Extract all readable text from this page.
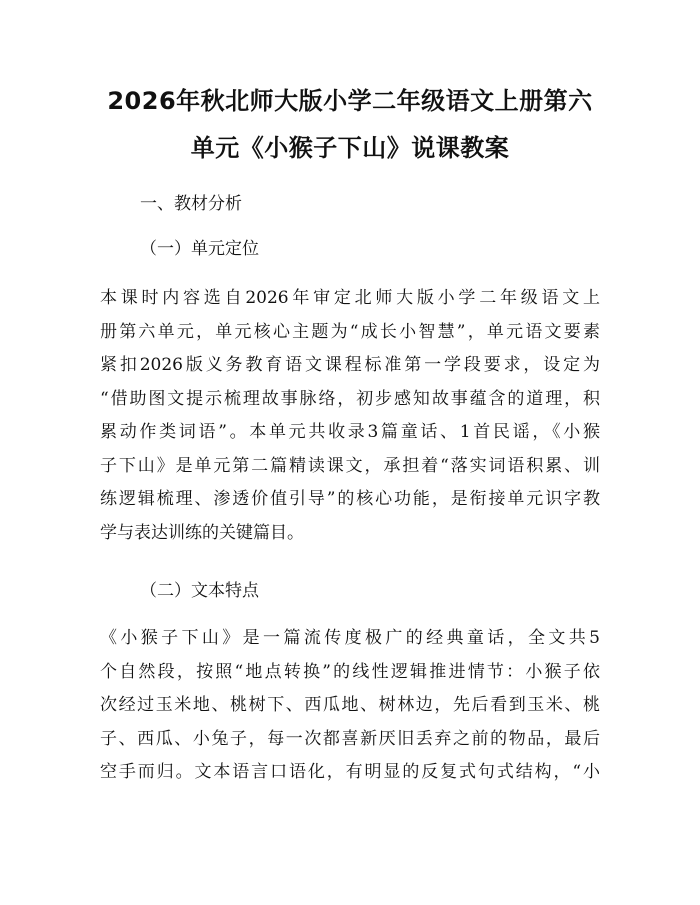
2026年秋北师大版小学二年级语文上册第六
单元《小猴子下山》说课教案

一、教材分析

（一）单元定位

本课时内容选自2026年审定北师大版小学二年级语文上
册第六单元，单元核心主题为“成长小智慧”，单元语文要素
紧扣2026版义务教育语文课程标准第一学段要求，设定为
“借助图文提示梳理故事脉络，初步感知故事蕴含的道理，积
累动作类词语”。本单元共收录3篇童话、1首民谣，《小猴
子下山》是单元第二篇精读课文，承担着“落实词语积累、训
练逻辑梳理、渗透价值引导”的核心功能，是衔接单元识字教
学与表达训练的关键篇目。

（二）文本特点

《小猴子下山》是一篇流传度极广的经典童话，全文共5
个自然段，按照“地点转换”的线性逻辑推进情节：小猴子依
次经过玉米地、桃树下、西瓜地、树林边，先后看到玉米、桃
子、西瓜、小兔子，每一次都喜新厌旧丢弃之前的物品，最后
空手而归。文本语言口语化，有明显的反复式句式结构，“小
